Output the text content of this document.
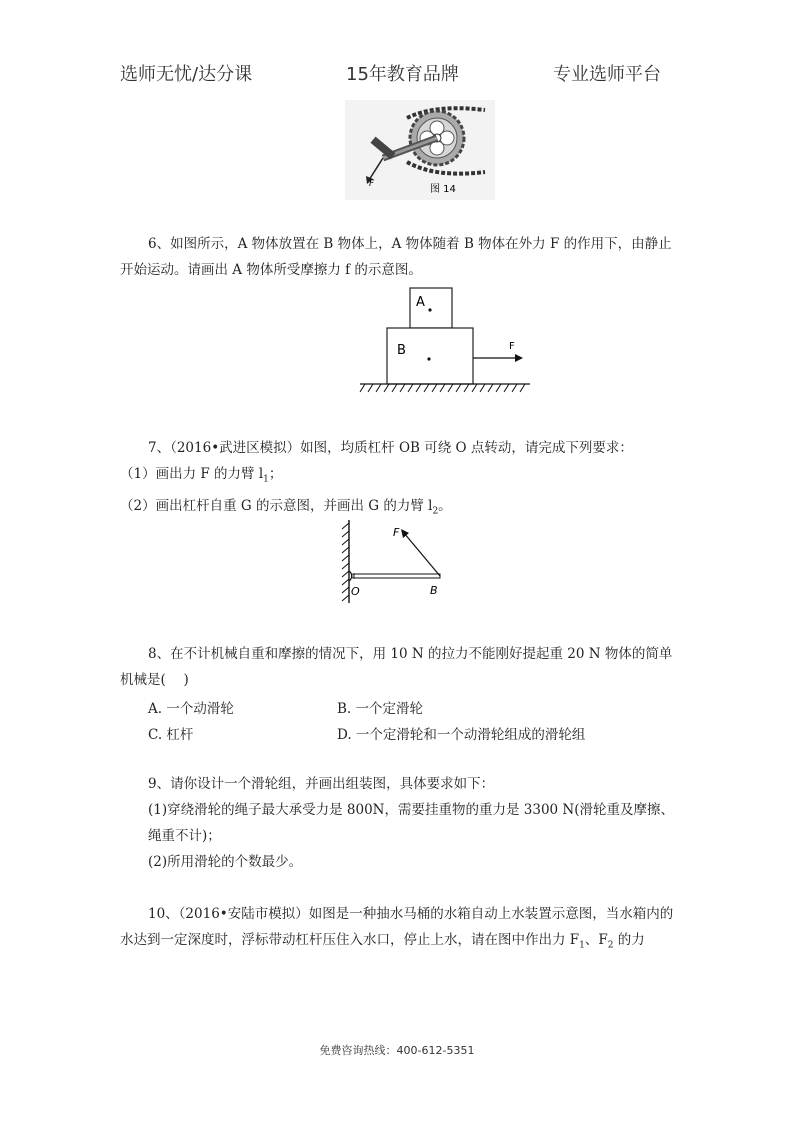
选师无忧/达分课	15年教育品牌	专业选师平台
F	图 14

6、如图所示，A 物体放置在 B 物体上，A 物体随着 B 物体在外力 F 的作用下，由静止开始运动。请画出 A 物体所受摩擦力 f 的示意图。

A
B	F

7、（2016•武进区模拟）如图，均质杠杆 OB 可绕 O 点转动，请完成下列要求：

（1）画出力 F 的力臂 $l_1$；

（2）画出杠杆自重 G 的示意图，并画出 G 的力臂 $l_2$。

F
O	B

8、在不计机械自重和摩擦的情况下，用 10 N 的拉力不能刚好提起重 20 N 物体的简单机械是(　 )

A. 一个动滑轮	B. 一个定滑轮
C. 杠杆	D. 一个定滑轮和一个动滑轮组成的滑轮组

9、请你设计一个滑轮组，并画出组装图，具体要求如下：

(1)穿绕滑轮的绳子最大承受力是 800N，需要挂重物的重力是 3300 N(滑轮重及摩擦、绳重不计)；

(2)所用滑轮的个数最少。

10、（2016•安陆市模拟）如图是一种抽水马桶的水箱自动上水装置示意图，当水箱内的水达到一定深度时，浮标带动杠杆压住入水口，停止上水，请在图中作出力 $F_1$、$F_2$ 的力

免费咨询热线：400-612-5351
